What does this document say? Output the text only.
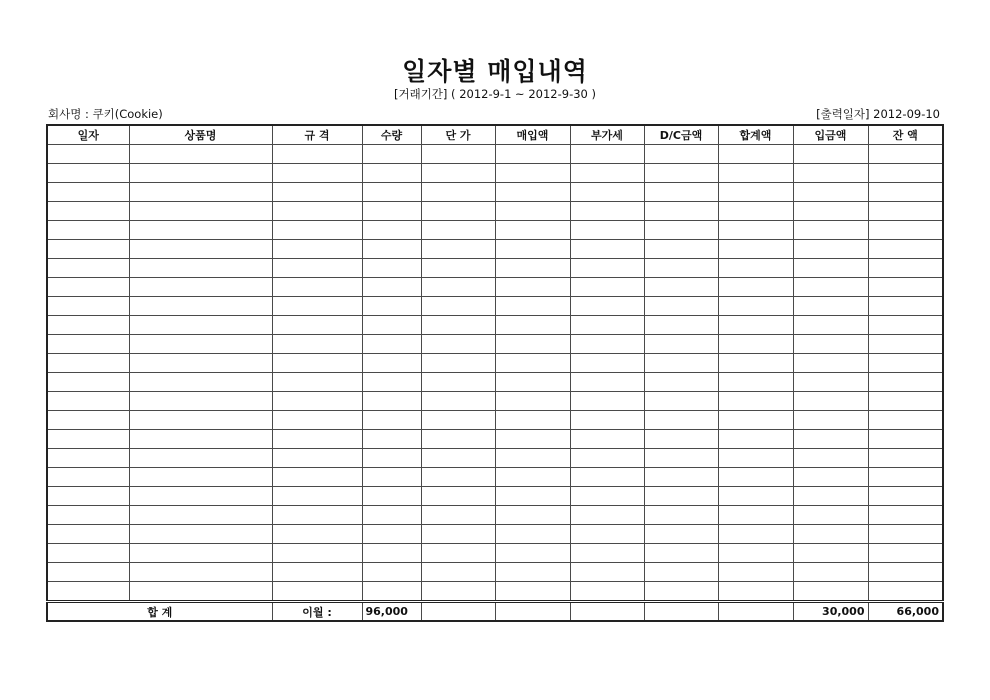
일자별 매입내역
[거래기간] ( 2012-9-1 ~ 2012-9-30 )
회사명 : 쿠키(Cookie)	[출력일자] 2012-09-10
일자	상품명	규 격	수량	단 가	매입액	부가세	D/C금액	합계액	입금액	잔 액

합 계		이월 :	96,000						30,000	66,000
